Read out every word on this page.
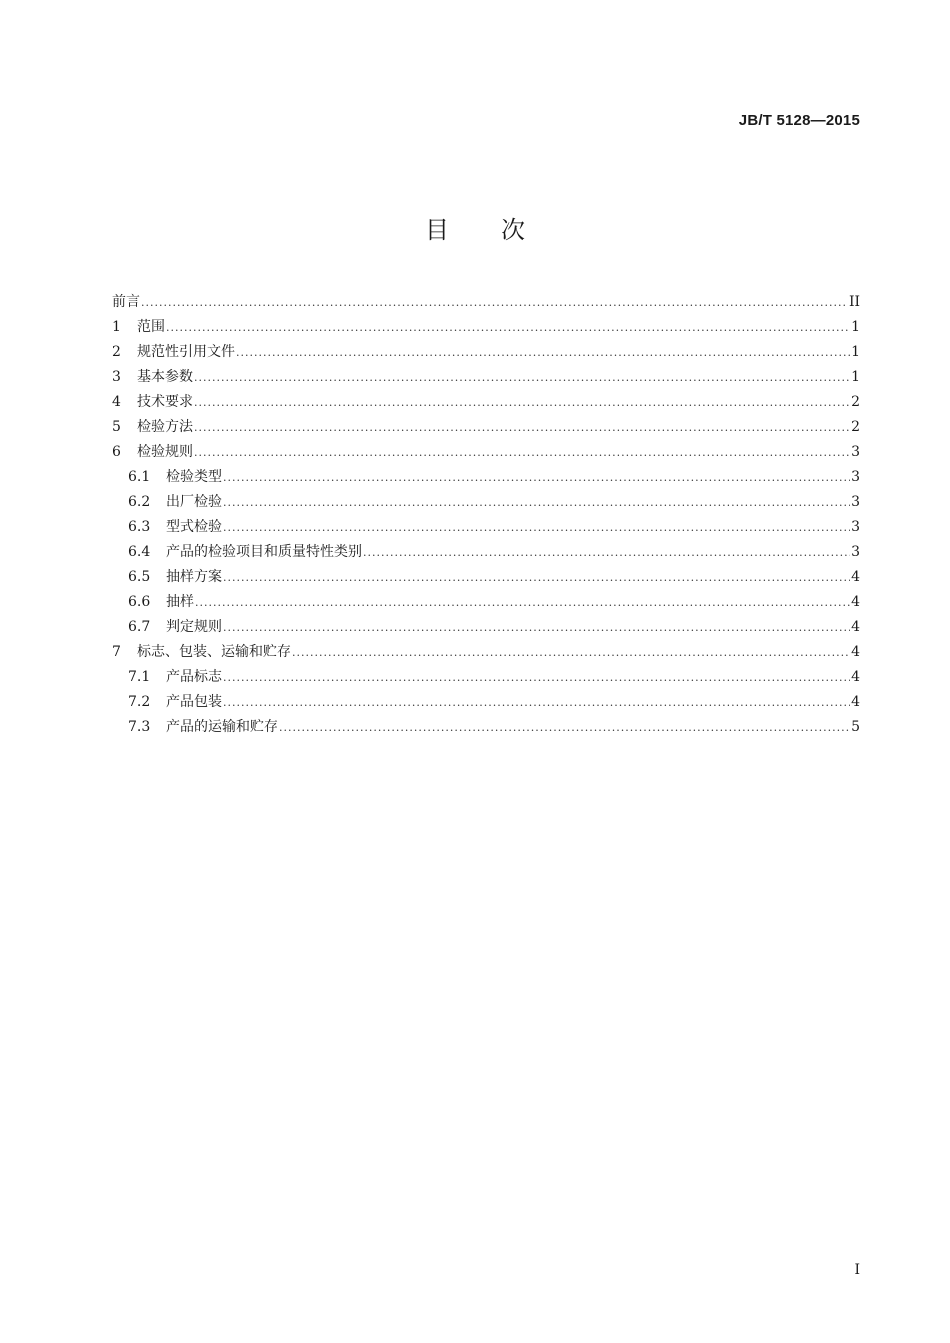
JB/T 5128—2015
目 次
前言 .....	II
1	范围 .....	1
2	规范性引用文件 .....	1
3	基本参数 .....	1
4	技术要求 .....	2
5	检验方法 .....	2
6	检验规则 .....	3
6.1	检验类型 .....	3
6.2	出厂检验 .....	3
6.3	型式检验 .....	3
6.4	产品的检验项目和质量特性类别 .....	3
6.5	抽样方案 .....	4
6.6	抽样 .....	4
6.7	判定规则 .....	4
7	标志、包装、运输和贮存 .....	4
7.1	产品标志 .....	4
7.2	产品包装 .....	4
7.3	产品的运输和贮存 .....	5
I
